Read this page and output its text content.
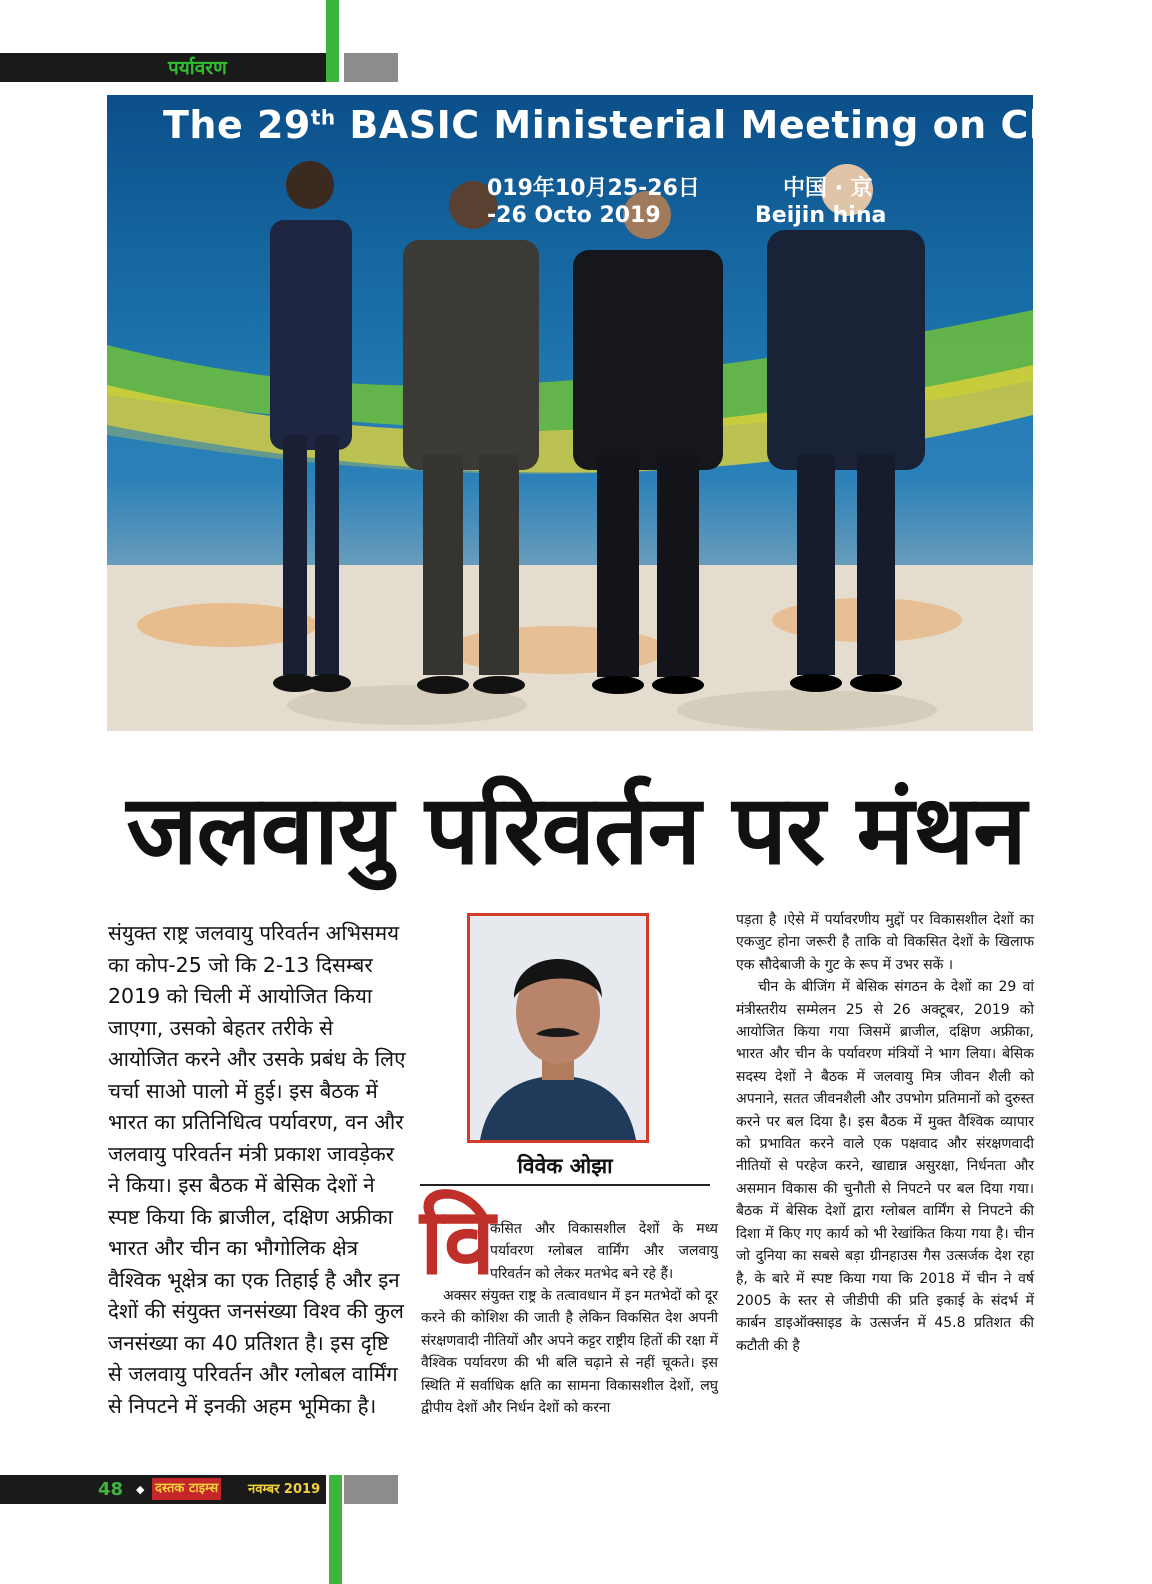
पर्यावरण
The 29th BASIC Ministerial Meeting on Clima
019年10月25-26日
-26 Octo 2019
中国 · 京
Beijin hina
जलवायु परिवर्तन पर मंथन
संयुक्त राष्ट्र जलवायु परिवर्तन अभिसमय का कोप-25 जो कि 2-13 दिसम्बर 2019 को चिली में आयोजित किया जाएगा, उसको बेहतर तरीके से आयोजित करने और उसके प्रबंध के लिए चर्चा साओ पालो में हुई। इस बैठक में भारत का प्रतिनिधित्व पर्यावरण, वन और जलवायु परिवर्तन मंत्री प्रकाश जावड़ेकर ने किया। इस बैठक में बेसिक देशों ने स्पष्ट किया कि ब्राजील, दक्षिण अफ्रीका भारत और चीन का भौगोलिक क्षेत्र वैश्विक भूक्षेत्र का एक तिहाई है और इन देशों की संयुक्त जनसंख्या विश्व की कुल जनसंख्या का 40 प्रतिशत है। इस दृष्टि से जलवायु परिवर्तन और ग्लोबल वार्मिंग से निपटने में इनकी अहम भूमिका है।
विवेक ओझा
वि
कसित और विकासशील देशों के मध्य पर्यावरण ग्लोबल वार्मिंग और जलवायु परिवर्तन को लेकर मतभेद बने रहे हैं।

अक्सर संयुक्त राष्ट्र के तत्वावधान में इन मतभेदों को दूर करने की कोशिश की जाती है लेकिन विकसित देश अपनी संरक्षणवादी नीतियों और अपने कट्टर राष्ट्रीय हितों की रक्षा में वैश्विक पर्यावरण की भी बलि चढ़ाने से नहीं चूकते। इस स्थिति में सर्वाधिक क्षति का सामना विकासशील देशों, लघु द्वीपीय देशों और निर्धन देशों को करना

पड़ता है ।ऐसे में पर्यावरणीय मुद्दों पर विकासशील देशों का एकजुट होना जरूरी है ताकि वो विकसित देशों के खिलाफ एक सौदेबाजी के गुट के रूप में उभर सकें ।

चीन के बीजिंग में बेसिक संगठन के देशों का 29 वां मंत्रीस्तरीय सम्मेलन 25 से 26 अक्टूबर, 2019 को आयोजित किया गया जिसमें ब्राजील, दक्षिण अफ्रीका, भारत और चीन के पर्यावरण मंत्रियों ने भाग लिया। बेसिक सदस्य देशों ने बैठक में जलवायु मित्र जीवन शैली को अपनाने, सतत जीवनशैली और उपभोग प्रतिमानों को दुरुस्त करने पर बल दिया है। इस बैठक में मुक्त वैश्विक व्यापार को प्रभावित करने वाले एक पक्षवाद और संरक्षणवादी नीतियों से परहेज करने, खाद्यान्न असुरक्षा, निर्धनता और असमान विकास की चुनौती से निपटने पर बल दिया गया। बैठक में बेसिक देशों द्वारा ग्लोबल वार्मिंग से निपटने की दिशा में किए गए कार्य को भी रेखांकित किया गया है। चीन जो दुनिया का सबसे बड़ा ग्रीनहाउस गैस उत्सर्जक देश रहा है, के बारे में स्पष्ट किया गया कि 2018 में चीन ने वर्ष 2005 के स्तर से जीडीपी की प्रति इकाई के संदर्भ में कार्बन डाइऑक्साइड के उत्सर्जन में 45.8 प्रतिशत की कटौती की है

48 ◆ दस्तक टाइम्स नवम्बर 2019
